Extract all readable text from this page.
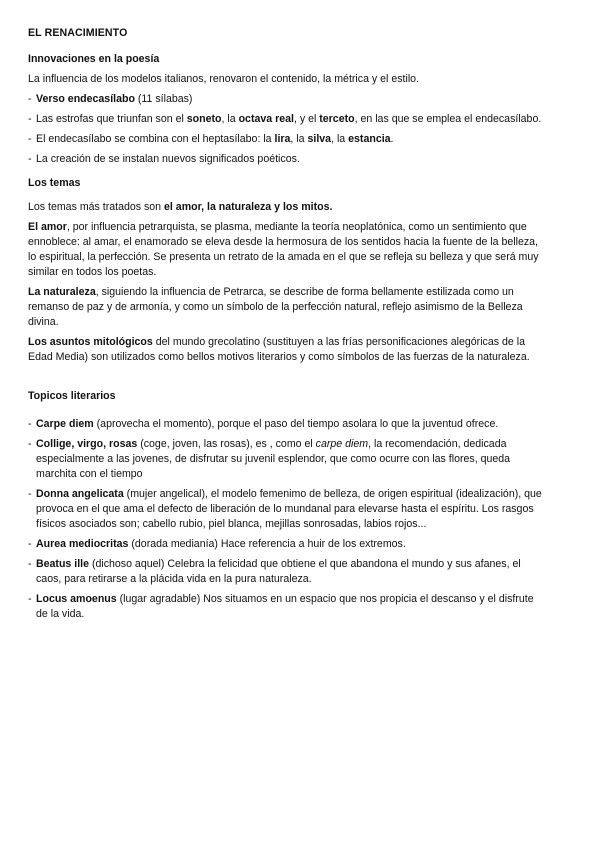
EL RENACIMIENTO
Innovaciones en la poesía
La influencia de los modelos italianos, renovaron el contenido, la métrica y el estilo.
- Verso endecasílabo (11 sílabas)
- Las estrofas que triunfan son el soneto, la octava real, y el terceto, en las que se emplea el endecasílabo.
- El endecasílabo se combina con el heptasílabo: la lira, la silva, la estancia.
- La creación de se instalan nuevos significados poéticos.
Los temas
Los temas más tratados son el amor, la naturaleza y los mitos.
El amor, por influencia petrarquista, se plasma, mediante la teoría neoplatónica, como un sentimiento que ennoblece: al amar, el enamorado se eleva desde la hermosura de los sentidos hacia la fuente de la belleza, lo espiritual, la perfección. Se presenta un retrato de la amada en el que se refleja su belleza y que será muy similar en todos los poetas.
La naturaleza, siguiendo la influencia de Petrarca, se describe de forma bellamente estilizada como un remanso de paz y de armonía, y como un símbolo de la perfección natural, reflejo asimismo de la Belleza divina.
Los asuntos mitológicos del mundo grecolatino (sustituyen a las frías personificaciones alegóricas de la Edad Media) son utilizados como bellos motivos literarios y como símbolos de las fuerzas de la naturaleza.
Topicos literarios
- Carpe diem (aprovecha el momento), porque el paso del tiempo asolara lo que la juventud ofrece.
- Collige, virgo, rosas (coge, joven, las rosas), es , como el carpe diem, la recomendación, dedicada especialmente a las jovenes, de disfrutar su juvenil esplendor, que como ocurre con las flores, queda marchita con el tiempo
- Donna angelicata (mujer angelical), el modelo femenimo de belleza, de origen espiritual (idealización), que provoca en el que ama el defecto de liberación de lo mundanal para elevarse hasta el espíritu. Los rasgos físicos asociados son; cabello rubio, piel blanca, mejillas sonrosadas, labios rojos...
- Aurea mediocritas (dorada medianía) Hace referencia a huir de los extremos.
- Beatus ille (dichoso aquel) Celebra la felicidad que obtiene el que abandona el mundo y sus afanes, el caos, para retirarse a la plácida vida en la pura naturaleza.
- Locus amoenus (lugar agradable) Nos situamos en un espacio que nos propicia el descanso y el disfrute de la vida.
